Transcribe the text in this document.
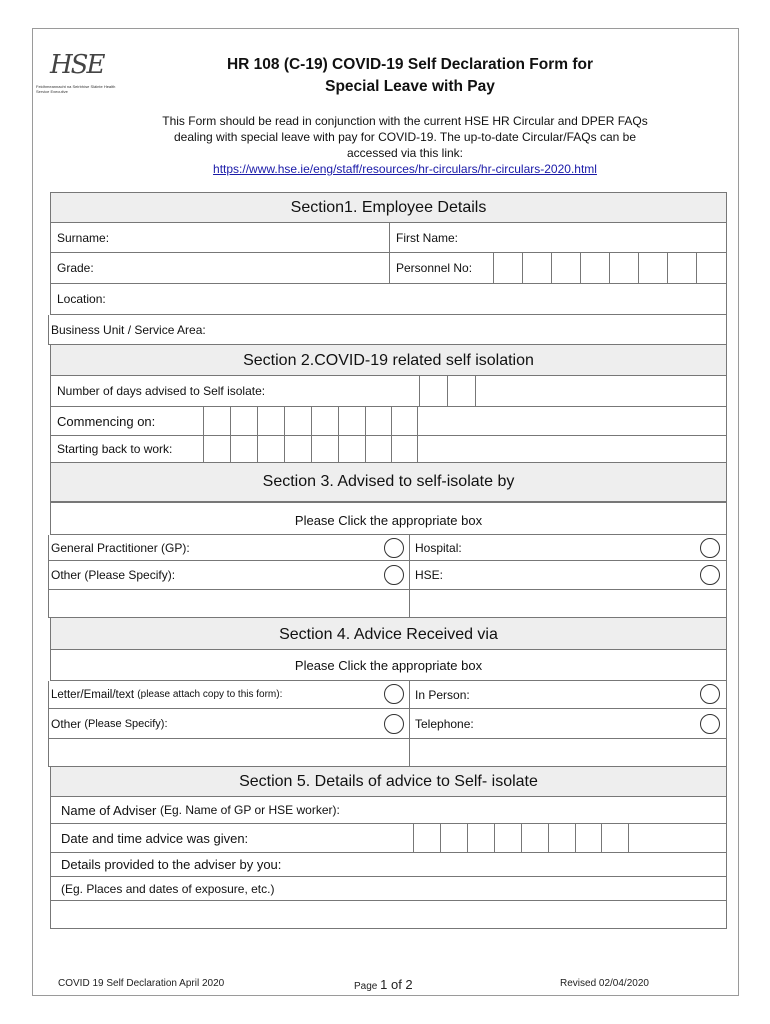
HSE
Feidhmeannacht na Seirbhíse Sláinte Health Service Executive
HR 108 (C-19) COVID-19 Self Declaration Form for
Special Leave with Pay
This Form should be read in conjunction with the current HSE HR Circular and DPER FAQs dealing with special leave with pay for COVID-19. The up-to-date Circular/FAQs can be accessed via this link:
https://www.hse.ie/eng/staff/resources/hr-circulars/hr-circulars-2020.html
Section1. Employee Details
Surname:	First Name:
Grade:	Personnel No:
Location:
Business Unit / Service Area:
Section 2.COVID-19 related self isolation
Number of days advised to Self isolate:
Commencing on:
Starting back to work:
Section 3. Advised to self-isolate by
Please Click the appropriate box
General Practitioner (GP):	Hospital:
Other (Please Specify):	HSE:
Section 4. Advice Received via
Please Click the appropriate box
Letter/Email/text
(please attach copy to this form):	In Person:
Other
(Please Specify):	Telephone:
Section 5. Details of advice to Self- isolate
Name of Adviser
(Eg. Name of GP or HSE worker):
Date and time advice was given:
Details provided to the adviser by you:
(Eg. Places and dates of exposure, etc.)
COVID 19 Self Declaration April 2020	Page 1 of 2	Revised 02/04/2020
